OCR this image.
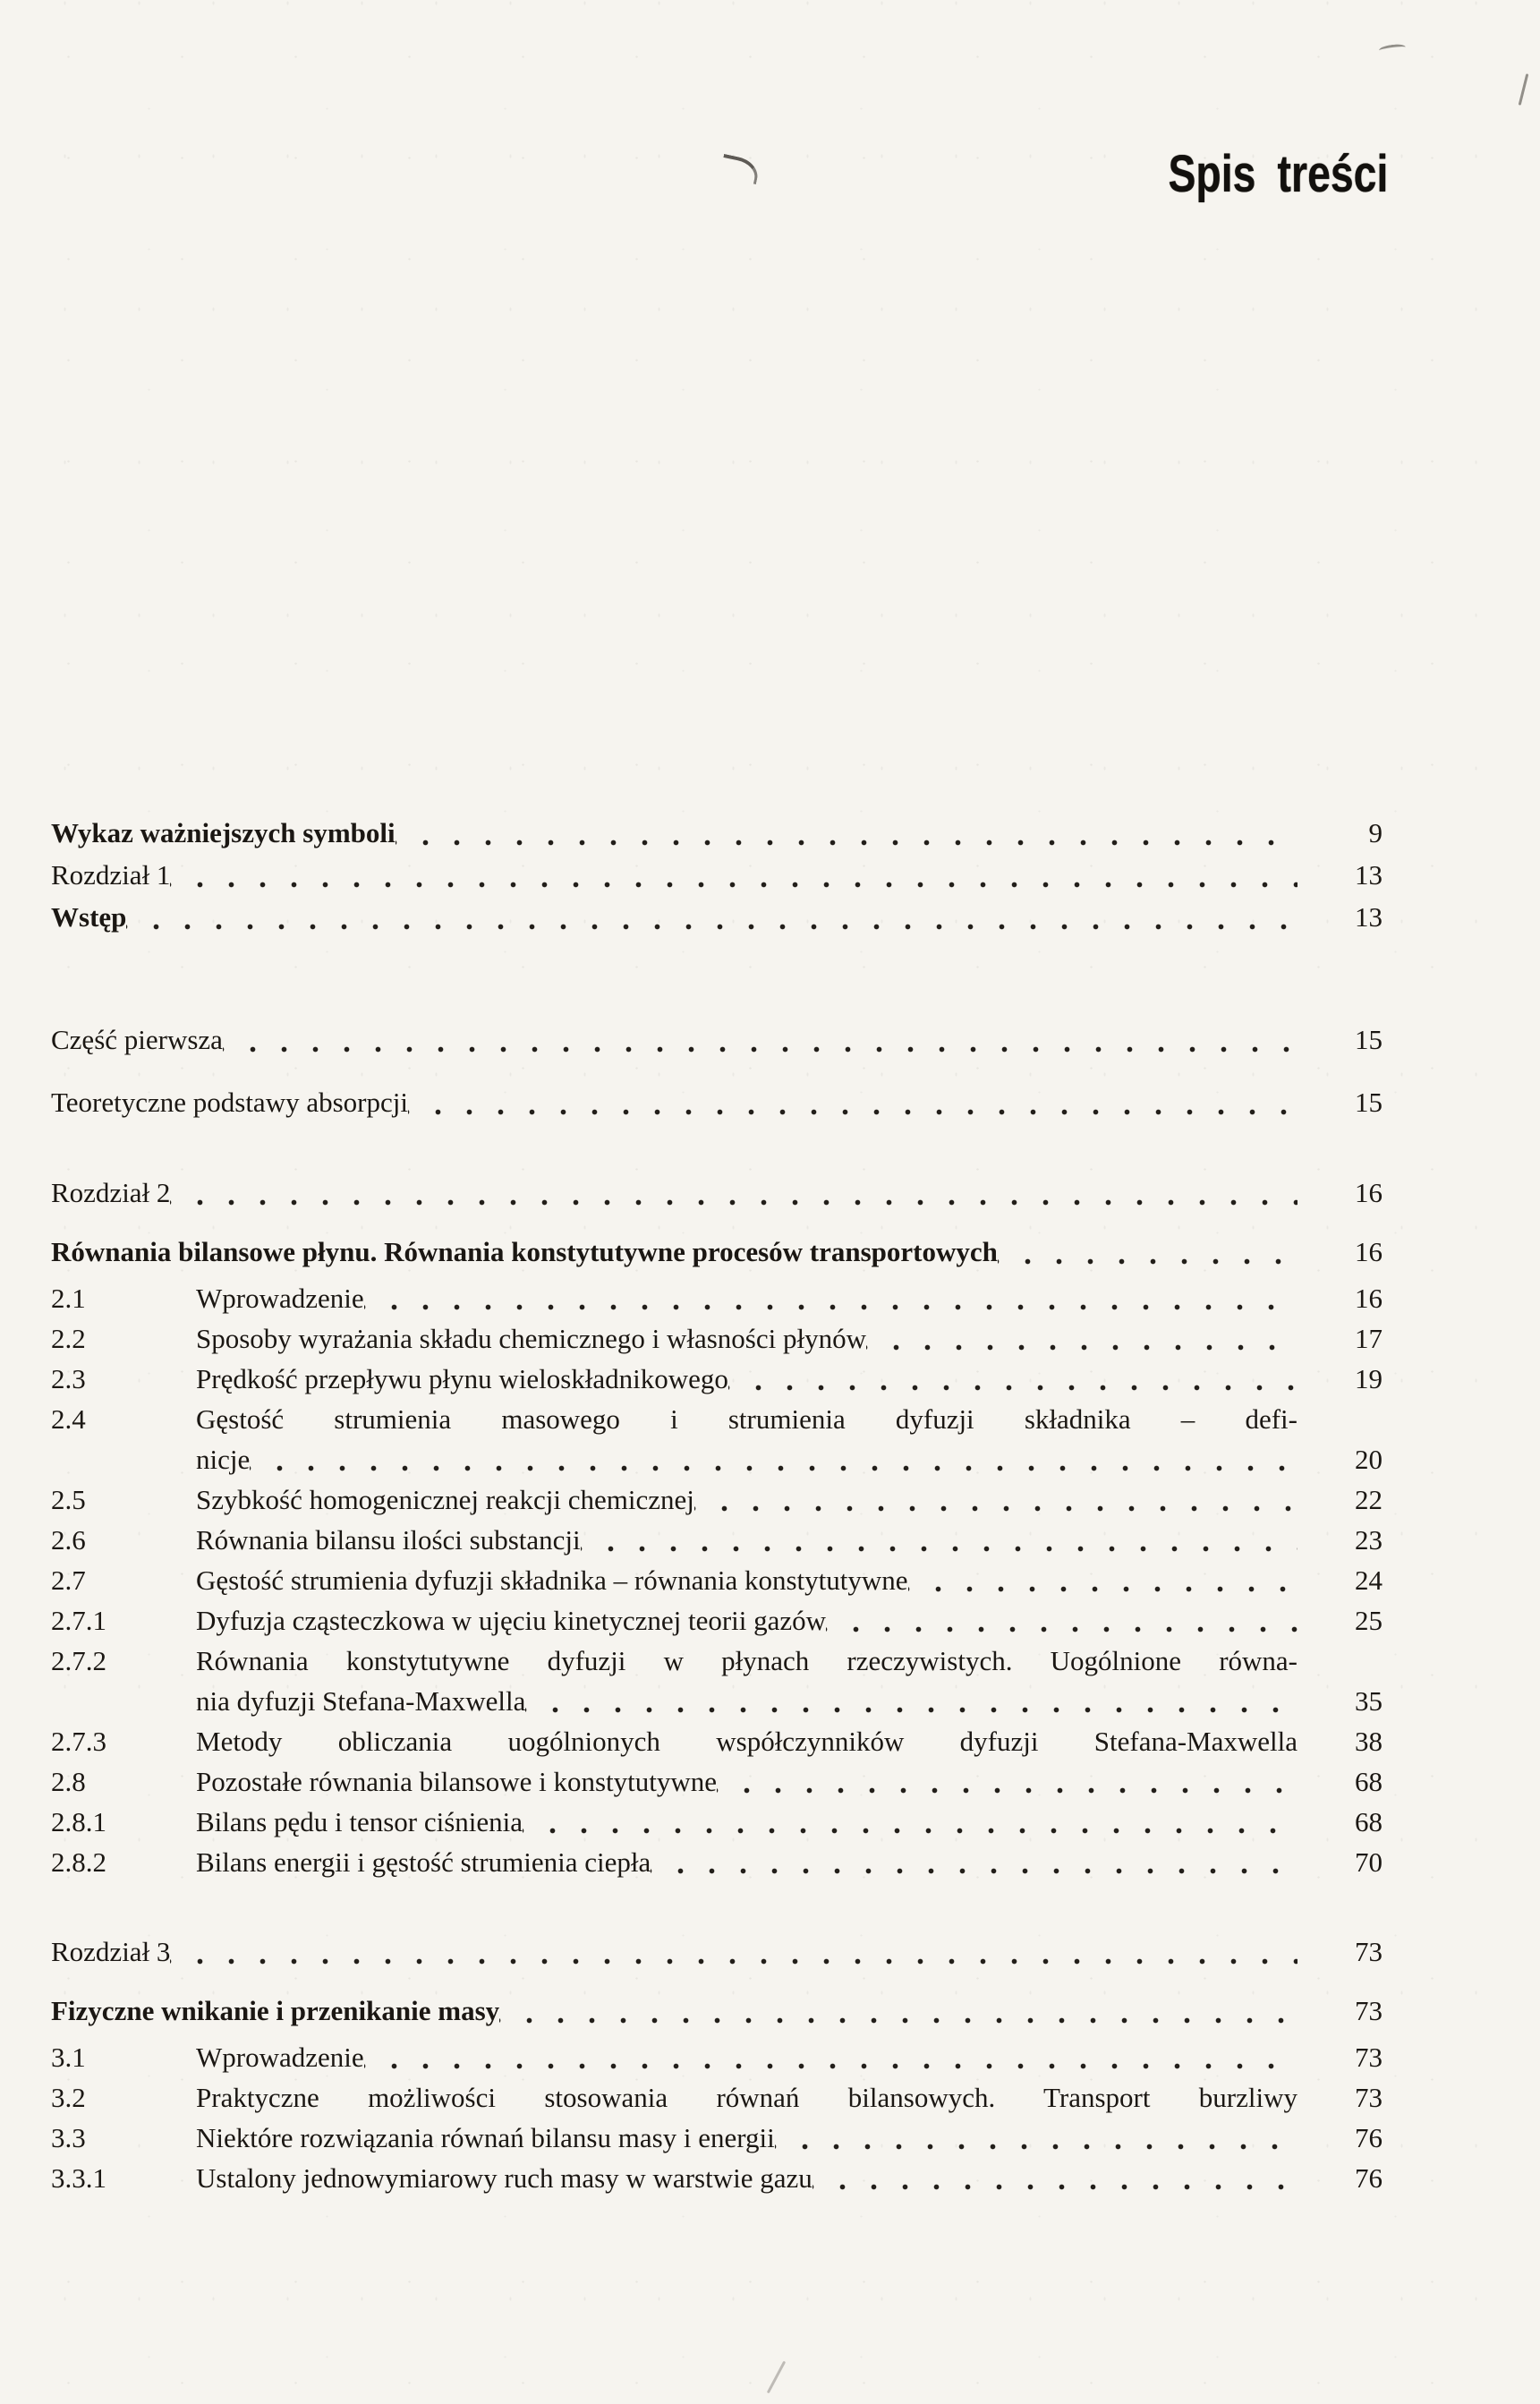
Spis treści
Wykaz ważniejszych symboli	9
Rozdział 1	13
Wstęp	13
Część pierwsza	15
Teoretyczne podstawy absorpcji	15
Rozdział 2	16
Równania bilansowe płynu. Równania konstytutywne procesów transportowych	16
2.1	Wprowadzenie	16
2.2	Sposoby wyrażania składu chemicznego i własności płynów	17
2.3	Prędkość przepływu płynu wieloskładnikowego	19
2.4	Gęstość strumienia masowego i strumienia dyfuzji składnika – defi-
nicje	20
2.5	Szybkość homogenicznej reakcji chemicznej	22
2.6	Równania bilansu ilości substancji	23
2.7	Gęstość strumienia dyfuzji składnika – równania konstytutywne	24
2.7.1	Dyfuzja cząsteczkowa w ujęciu kinetycznej teorii gazów	25
2.7.2	Równania konstytutywne dyfuzji w płynach rzeczywistych. Uogólnione równa-
nia dyfuzji Stefana-Maxwella	35
2.7.3	Metody obliczania uogólnionych współczynników dyfuzji Stefana-Maxwella	38
2.8	Pozostałe równania bilansowe i konstytutywne	68
2.8.1	Bilans pędu i tensor ciśnienia	68
2.8.2	Bilans energii i gęstość strumienia ciepła	70
Rozdział 3	73
Fizyczne wnikanie i przenikanie masy	73
3.1	Wprowadzenie	73
3.2	Praktyczne możliwości stosowania równań bilansowych. Transport burzliwy	73
3.3	Niektóre rozwiązania równań bilansu masy i energii	76
3.3.1	Ustalony jednowymiarowy ruch masy w warstwie gazu	76
